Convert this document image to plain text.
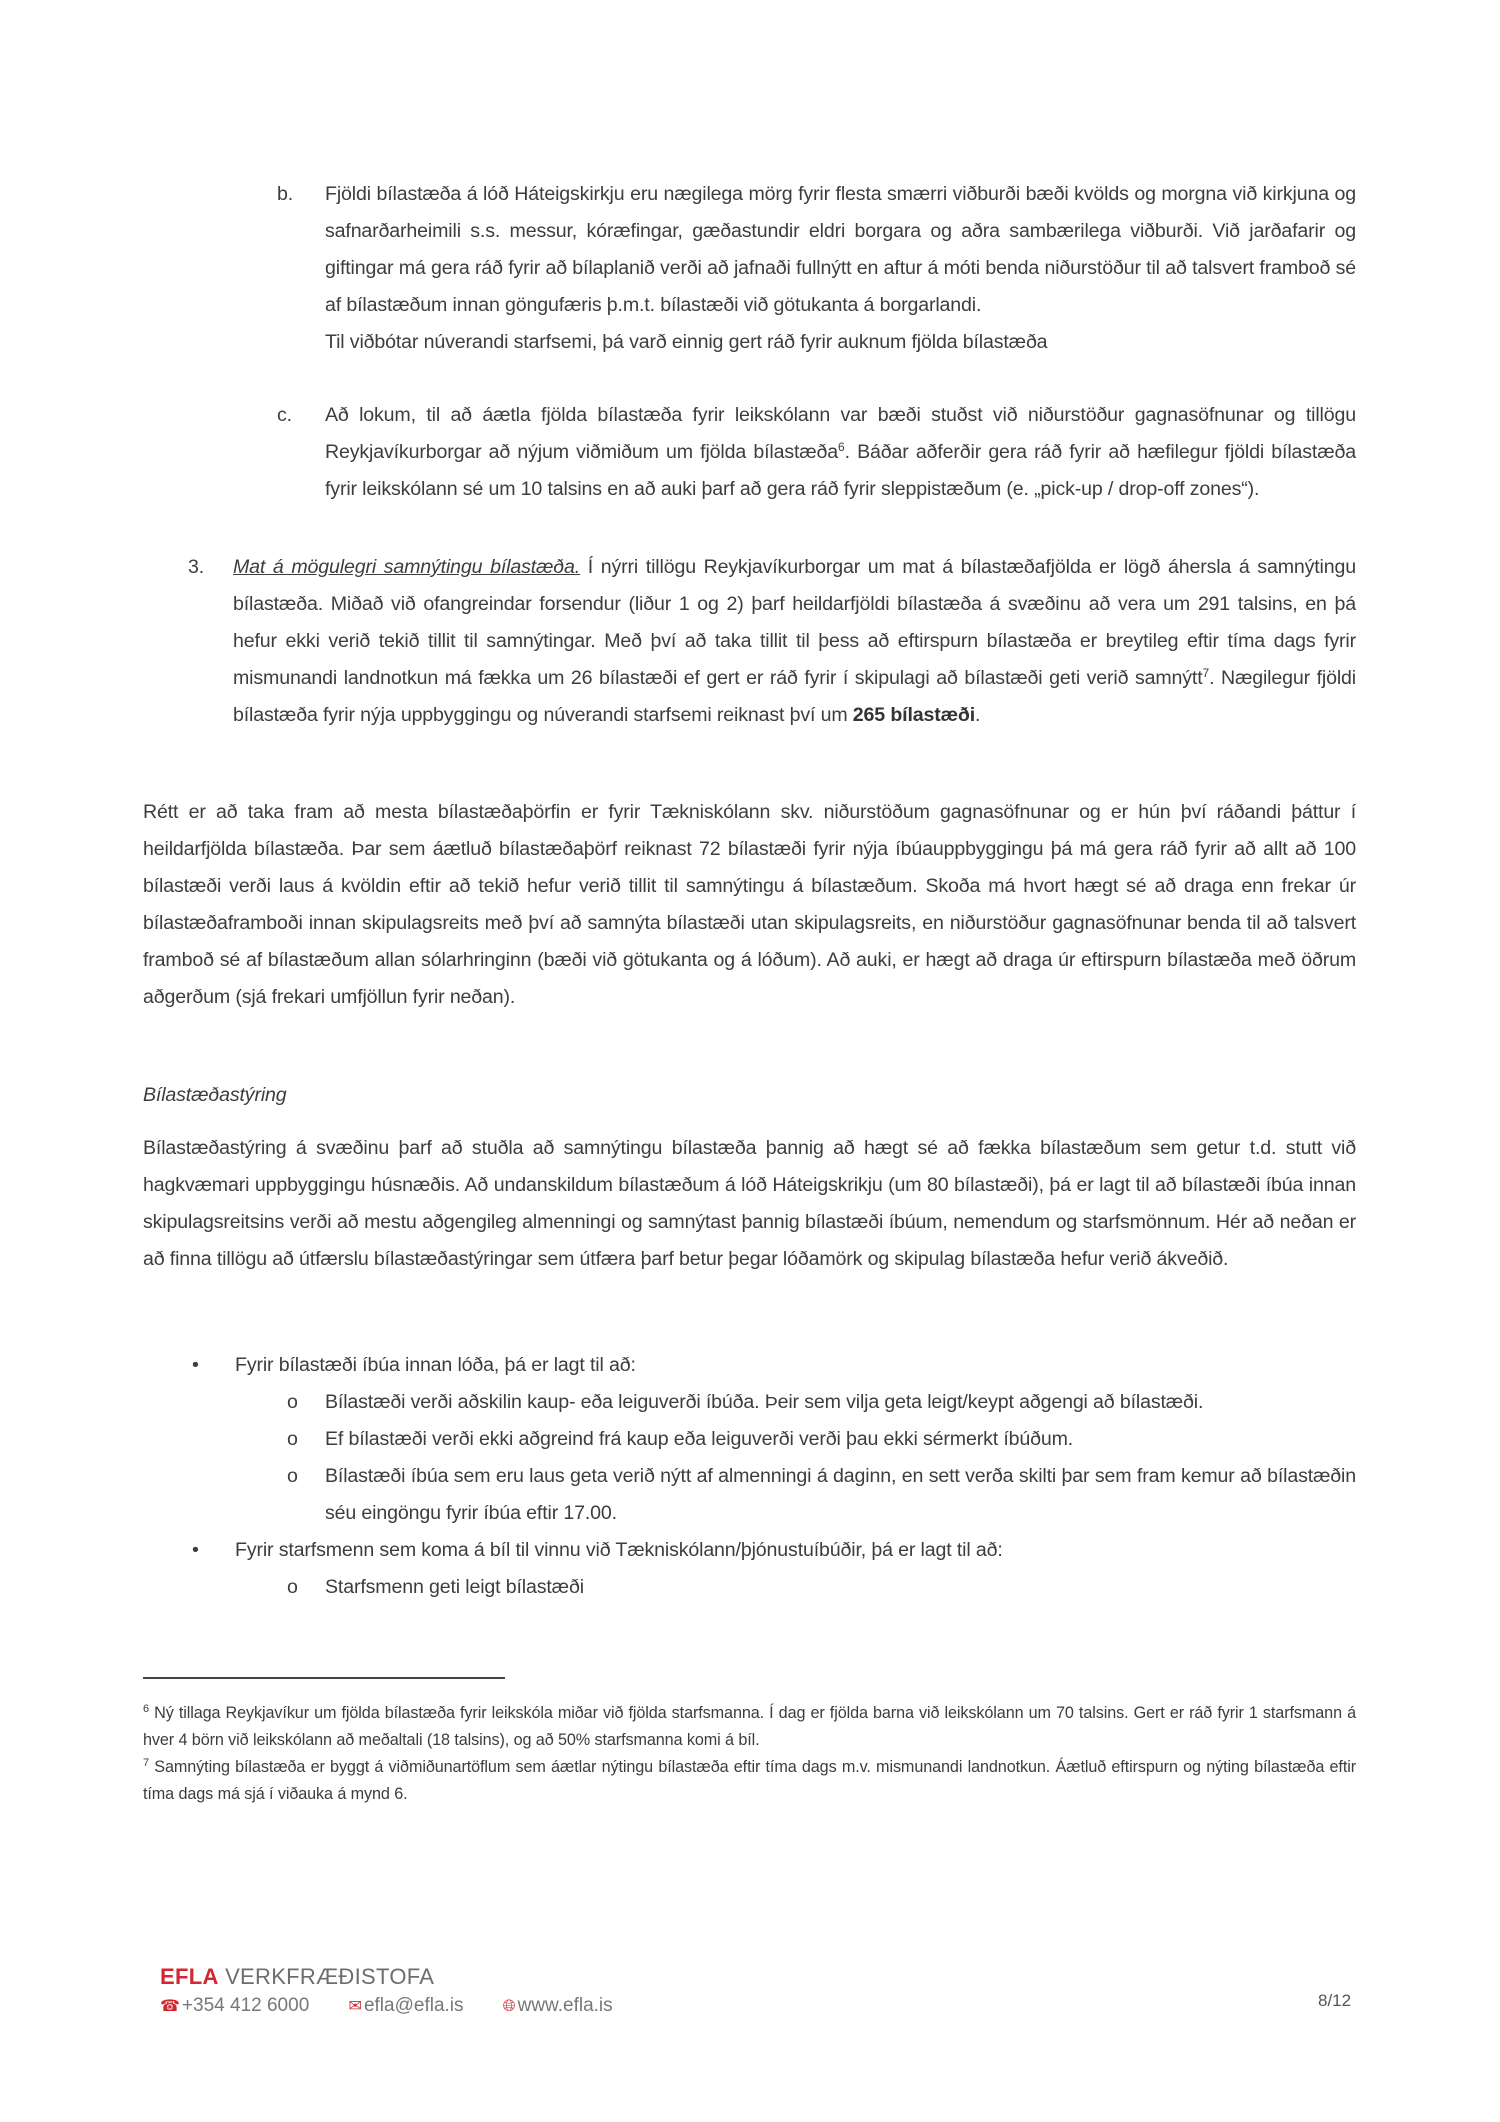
b. Fjöldi bílastæða á lóð Háteigskirkju eru nægilega mörg fyrir flesta smærri viðburði bæði kvölds og morgna við kirkjuna og safnarðarheimili s.s. messur, kóræfingar, gæðastundir eldri borgara og aðra sambærilega viðburði. Við jarðafarir og giftingar má gera ráð fyrir að bílaplanið verði að jafnaði fullnýtt en aftur á móti benda niðurstöður til að talsvert framboð sé af bílastæðum innan göngufæris þ.m.t. bílastæði við götukanta á borgarlandi.
Til viðbótar núverandi starfsemi, þá varð einnig gert ráð fyrir auknum fjölda bílastæða
c. Að lokum, til að áætla fjölda bílastæða fyrir leikskólann var bæði stuðst við niðurstöður gagnasöfnunar og tillögu Reykjavíkurborgar að nýjum viðmiðum um fjölda bílastæða$^6$. Báðar aðferðir gera ráð fyrir að hæfilegur fjöldi bílastæða fyrir leikskólann sé um 10 talsins en að auki þarf að gera ráð fyrir sleppistæðum (e. „pick-up / drop-off zones“).
3. Mat á mögulegri samnýtingu bílastæða. Í nýrri tillögu Reykjavíkurborgar um mat á bílastæðafjölda er lögð áhersla á samnýtingu bílastæða. Miðað við ofangreindar forsendur (liður 1 og 2) þarf heildarfjöldi bílastæða á svæðinu að vera um 291 talsins, en þá hefur ekki verið tekið tillit til samnýtingar. Með því að taka tillit til þess að eftirspurn bílastæða er breytileg eftir tíma dags fyrir mismunandi landnotkun má fækka um 26 bílastæði ef gert er ráð fyrir í skipulagi að bílastæði geti verið samnýtt$^7$. Nægilegur fjöldi bílastæða fyrir nýja uppbyggingu og núverandi starfsemi reiknast því um 265 bílastæði.
Rétt er að taka fram að mesta bílastæðaþörfin er fyrir Tækniskólann skv. niðurstöðum gagnasöfnunar og er hún því ráðandi þáttur í heildarfjölda bílastæða. Þar sem áætluð bílastæðaþörf reiknast 72 bílastæði fyrir nýja íbúauppbyggingu þá má gera ráð fyrir að allt að 100 bílastæði verði laus á kvöldin eftir að tekið hefur verið tillit til samnýtingu á bílastæðum. Skoða má hvort hægt sé að draga enn frekar úr bílastæðaframboði innan skipulagsreits með því að samnýta bílastæði utan skipulagsreits, en niðurstöður gagnasöfnunar benda til að talsvert framboð sé af bílastæðum allan sólarhringinn (bæði við götukanta og á lóðum). Að auki, er hægt að draga úr eftirspurn bílastæða með öðrum aðgerðum (sjá frekari umfjöllun fyrir neðan).
Bílastæðastýring
Bílastæðastýring á svæðinu þarf að stuðla að samnýtingu bílastæða þannig að hægt sé að fækka bílastæðum sem getur t.d. stutt við hagkvæmari uppbyggingu húsnæðis. Að undanskildum bílastæðum á lóð Háteigskrikju (um 80 bílastæði), þá er lagt til að bílastæði íbúa innan skipulagsreitsins verði að mestu aðgengileg almenningi og samnýtast þannig bílastæði íbúum, nemendum og starfsmönnum. Hér að neðan er að finna tillögu að útfærslu bílastæðastýringar sem útfæra þarf betur þegar lóðamörk og skipulag bílastæða hefur verið ákveðið.
• Fyrir bílastæði íbúa innan lóða, þá er lagt til að:
o Bílastæði verði aðskilin kaup- eða leiguverði íbúða. Þeir sem vilja geta leigt/keypt aðgengi að bílastæði.
o Ef bílastæði verði ekki aðgreind frá kaup eða leiguverði verði þau ekki sérmerkt íbúðum.
o Bílastæði íbúa sem eru laus geta verið nýtt af almenningi á daginn, en sett verða skilti þar sem fram kemur að bílastæðin séu eingöngu fyrir íbúa eftir 17.00.
• Fyrir starfsmenn sem koma á bíl til vinnu við Tækniskólann/þjónustuíbúðir, þá er lagt til að:
o Starfsmenn geti leigt bílastæði
$^6$ Ný tillaga Reykjavíkur um fjölda bílastæða fyrir leikskóla miðar við fjölda starfsmanna. Í dag er fjölda barna við leikskólann um 70 talsins. Gert er ráð fyrir 1 starfsmann á hver 4 börn við leikskólann að meðaltali (18 talsins), og að 50% starfsmanna komi á bíl.
$^7$ Samnýting bílastæða er byggt á viðmiðunartöflum sem áætlar nýtingu bílastæða eftir tíma dags m.v. mismunandi landnotkun. Áætluð eftirspurn og nýting bílastæða eftir tíma dags má sjá í viðauka á mynd 6.
EFLA VERKFRÆÐISTOFA
☎ +354 412 6000 ✉ efla@efla.is 🌐︎ www.efla.is	8/12
